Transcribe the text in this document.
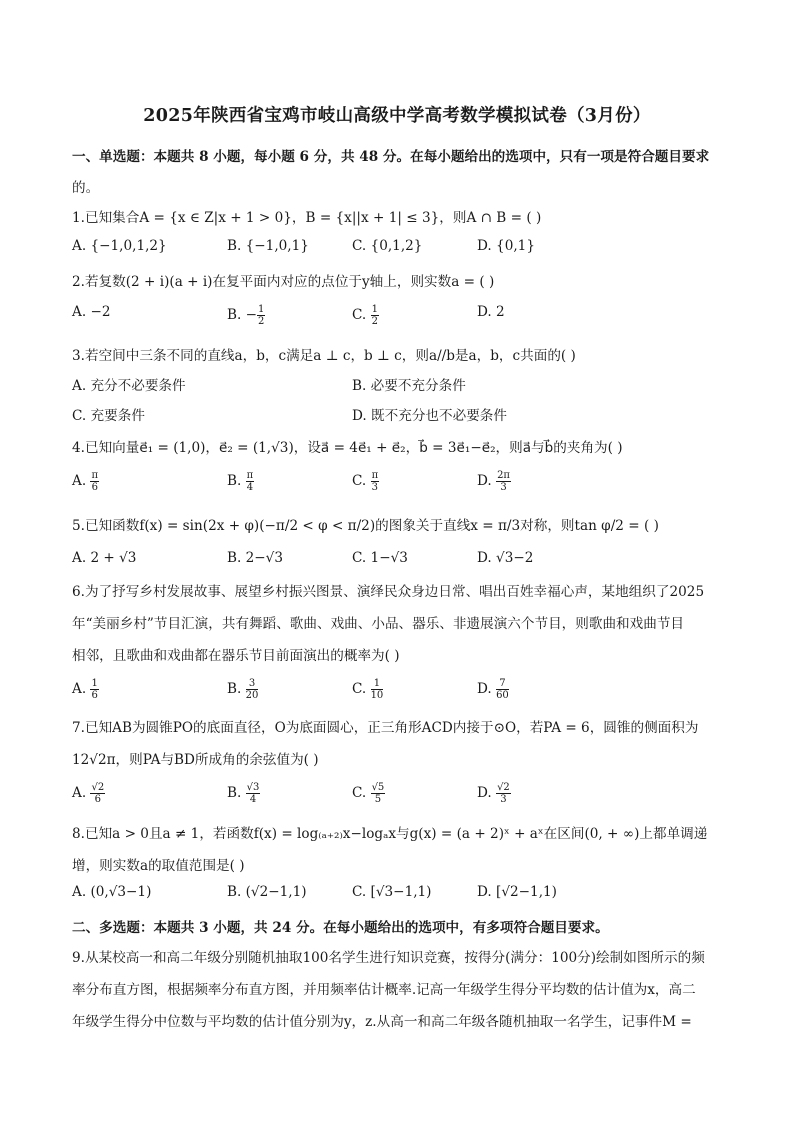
2025年陕西省宝鸡市岐山高级中学高考数学模拟试卷（3月份）
一、单选题：本题共 8 小题，每小题 6 分，共 48 分。在每小题给出的选项中，只有一项是符合题目要求
的。
1.已知集合A = {x ∈ Z|x + 1 > 0}，B = {x||x + 1| ≤ 3}，则A ∩ B = ( )
A. {−1,0,1,2}	B. {−1,0,1}	C. {0,1,2}	D. {0,1}
2.若复数(2 + i)(a + i)在复平面内对应的点位于y轴上，则实数a = ( )
A. −2	B. − $\frac{1}{2}$	C. $\frac{1}{2}$	D. 2
3.若空间中三条不同的直线a，b，c满足a ⊥ c，b ⊥ c，则a//b是a，b，c共面的( )
A. 充分不必要条件	B. 必要不充分条件
C. 充要条件	D. 既不充分也不必要条件
4.已知向量e⃗₁ = (1,0)，e⃗₂ = (1,√3)，设a⃗ = 4e⃗₁ + e⃗₂，b⃗ = 3e⃗₁−e⃗₂，则a⃗与b⃗的夹角为( )
A. $\frac{\pi}{6}$	B. $\frac{\pi}{4}$	C. $\frac{\pi}{3}$	D. $\frac{2\pi}{3}$
5.已知函数f(x) = sin(2x + φ)(−π/2 < φ < π/2)的图象关于直线x = π/3对称，则tan φ/2 = ( )
A. 2 + √3	B. 2−√3	C. 1−√3	D. √3−2
6.为了抒写乡村发展故事、展望乡村振兴图景、演绎民众身边日常、唱出百姓幸福心声，某地组织了2025
年“美丽乡村”节目汇演，共有舞蹈、歌曲、戏曲、小品、器乐、非遗展演六个节目，则歌曲和戏曲节目
相邻，且歌曲和戏曲都在器乐节目前面演出的概率为( )
A. $\frac{1}{6}$	B. $\frac{3}{20}$	C. $\frac{1}{10}$	D. $\frac{7}{60}$
7.已知AB为圆锥PO的底面直径，O为底面圆心，正三角形ACD内接于⊙O，若PA = 6，圆锥的侧面积为
12√2π，则PA与BD所成角的余弦值为( )
A. $\frac{√2}{6}$	B. $\frac{√3}{4}$	C. $\frac{√5}{5}$	D. $\frac{√2}{3}$
8.已知a > 0且a ≠ 1，若函数f(x) = log₍ₐ₊₂₎x−logₐx与g(x) = (a + 2)ˣ + aˣ在区间(0, + ∞)上都单调递
增，则实数a的取值范围是( )
A. (0,√3−1)	B. (√2−1,1)	C. [√3−1,1)	D. [√2−1,1)
二、多选题：本题共 3 小题，共 24 分。在每小题给出的选项中，有多项符合题目要求。
9.从某校高一和高二年级分别随机抽取100名学生进行知识竞赛，按得分(满分：100分)绘制如图所示的频
率分布直方图，根据频率分布直方图，并用频率估计概率.记高一年级学生得分平均数的估计值为x，高二
年级学生得分中位数与平均数的估计值分别为y，z.从高一和高二年级各随机抽取一名学生，记事件M =
